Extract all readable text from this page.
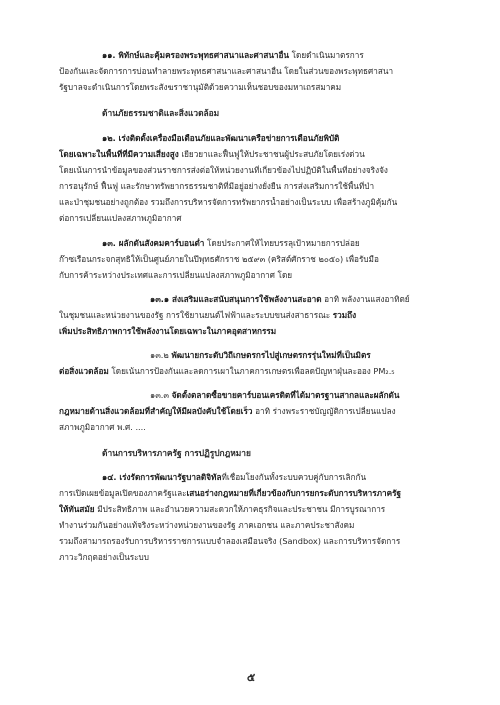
๑๑. พิทักษ์และคุ้มครองพระพุทธศาสนาและศาสนาอื่น โดยดำเนินมาตรการ
ป้องกันและจัดการการบ่อนทำลายพระพุทธศาสนาและศาสนาอื่น โดยในส่วนของพระพุทธศาสนา
รัฐบาลจะดำเนินการโดยพระสังฆราชานุมัติด้วยความเห็นชอบของมหาเถรสมาคม
ด้านภัยธรรมชาติและสิ่งแวดล้อม
๑๒. เร่งติดตั้งเครื่องมือเตือนภัยและพัฒนาเครือข่ายการเตือนภัยพิบัติ
โดยเฉพาะในพื้นที่ที่มีความเสี่ยงสูง เยียวยาและฟื้นฟูให้ประชาชนผู้ประสบภัยโดยเร่งด่วน
โดยเน้นการนำข้อมูลของส่วนราชการส่งต่อให้หน่วยงานที่เกี่ยวข้องไปปฏิบัติในพื้นที่อย่างจริงจัง
การอนุรักษ์ ฟื้นฟู และรักษาทรัพยากรธรรมชาติที่มีอยู่อย่างยั่งยืน การส่งเสริมการใช้พื้นที่ป่า
และป่าชุมชนอย่างถูกต้อง รวมถึงการบริหารจัดการทรัพยากรน้ำอย่างเป็นระบบ เพื่อสร้างภูมิคุ้มกัน
ต่อการเปลี่ยนแปลงสภาพภูมิอากาศ
๑๓. ผลักดันสังคมคาร์บอนต่ำ โดยประกาศให้ไทยบรรลุเป้าหมายการปล่อย
ก๊าซเรือนกระจกสุทธิให้เป็นศูนย์ภายในปีพุทธศักราช ๒๕๙๓ (คริสต์ศักราช ๒๐๕๐) เพื่อรับมือ
กับการค้าระหว่างประเทศและการเปลี่ยนแปลงสภาพภูมิอากาศ โดย
๑๓.๑ ส่งเสริมและสนับสนุนการใช้พลังงานสะอาด อาทิ พลังงานแสงอาทิตย์
ในชุมชนและหน่วยงานของรัฐ การใช้ยานยนต์ไฟฟ้าและระบบขนส่งสาธารณะ รวมถึง
เพิ่มประสิทธิภาพการใช้พลังงานโดยเฉพาะในภาคอุตสาหกรรม
๑๓.๒ พัฒนายกระดับวิถีเกษตรกรไปสู่เกษตรกรรุ่นใหม่ที่เป็นมิตร
ต่อสิ่งแวดล้อม โดยเน้นการป้องกันและลดการเผาในภาคการเกษตรเพื่อลดปัญหาฝุ่นละออง PM₂.₅
๑๓.๓ จัดตั้งตลาดซื้อขายคาร์บอนเครดิตที่ได้มาตรฐานสากลและผลักดัน
กฎหมายด้านสิ่งแวดล้อมที่สำคัญให้มีผลบังคับใช้โดยเร็ว อาทิ ร่างพระราชบัญญัติการเปลี่ยนแปลง
สภาพภูมิอากาศ พ.ศ. ....
ด้านการบริหารภาครัฐ การปฏิรูปกฎหมาย
๑๔. เร่งรัดการพัฒนารัฐบาลดิจิทัลที่เชื่อมโยงกันทั้งระบบควบคู่กับการเลิกกัน
การเปิดเผยข้อมูลเปิดของภาครัฐและเสนอร่างกฎหมายที่เกี่ยวข้องกับการยกระดับการบริหารภาครัฐ
ให้ทันสมัย มีประสิทธิภาพ และอำนวยความสะดวกให้ภาคธุรกิจและประชาชน มีการบูรณาการ
ทำงานร่วมกันอย่างแท้จริงระหว่างหน่วยงานของรัฐ ภาคเอกชน และภาคประชาสังคม
รวมถึงสามารถรองรับการบริหารราชการแบบจำลองเสมือนจริง (Sandbox) และการบริหารจัดการ
ภาวะวิกฤตอย่างเป็นระบบ
๕
